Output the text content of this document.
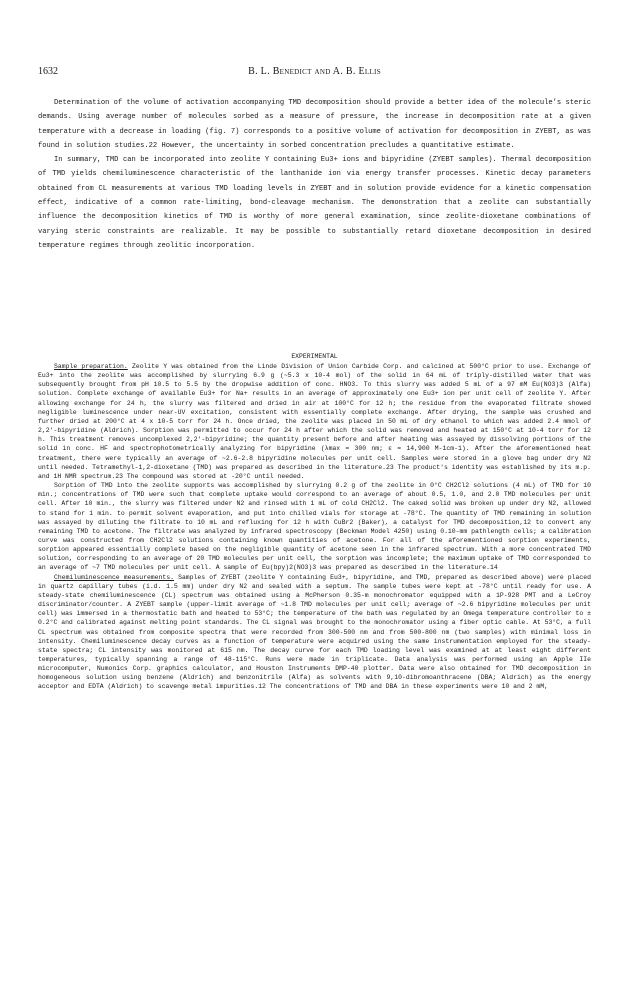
1632	B. L. Benedict and A. B. Ellis

Determination of the volume of activation accompanying TMD decomposition should provide a better idea of the molecule's steric demands. Using average number of molecules sorbed as a measure of pressure, the increase in decomposition rate at a given temperature with a decrease in loading (fig. 7) corresponds to a positive volume of activation for decomposition in ZYEBT, as was found in solution studies.22 However, the uncertainty in sorbed concentration precludes a quantitative estimate.

In summary, TMD can be incorporated into zeolite Y containing Eu3+ ions and bipyridine (ZYEBT samples). Thermal decomposition of TMD yields chemiluminescence characteristic of the lanthanide ion via energy transfer processes. Kinetic decay parameters obtained from CL measurements at various TMD loading levels in ZYEBT and in solution provide evidence for a kinetic compensation effect, indicative of a common rate-limiting, bond-cleavage mechanism. The demonstration that a zeolite can substantially influence the decomposition kinetics of TMD is worthy of more general examination, since zeolite-dioxetane combinations of varying steric constraints are realizable. It may be possible to substantially retard dioxetane decomposition in desired temperature regimes through zeolitic incorporation.

EXPERIMENTAL

Sample preparation. Zeolite Y was obtained from the Linde Division of Union Carbide Corp. and calcined at 500°C prior to use. Exchange of Eu3+ into the zeolite was accomplished by slurrying 6.9 g (~5.3 x 10-4 mol) of the solid in 64 mL of triply-distilled water that was subsequently brought from pH 10.5 to 5.5 by the dropwise addition of conc. HNO3. To this slurry was added 5 mL of a 97 mM Eu(NO3)3 (Alfa) solution. Complete exchange of available Eu3+ for Na+ results in an average of approximately one Eu3+ ion per unit cell of zeolite Y. After allowing exchange for 24 h, the slurry was filtered and dried in air at 100°C for 12 h; the residue from the evaporated filtrate showed negligible luminescence under near-UV excitation, consistent with essentially complete exchange. After drying, the sample was crushed and further dried at 200°C at 4 x 10-5 torr for 24 h. Once dried, the zeolite was placed in 50 mL of dry ethanol to which was added 2.4 mmol of 2,2'-bipyridine (Aldrich). Sorption was permitted to occur for 24 h after which the solid was removed and heated at 150°C at 10-4 torr for 12 h. This treatment removes uncomplexed 2,2'-bipyridine; the quantity present before and after heating was assayed by dissolving portions of the solid in conc. HF and spectrophotometrically analyzing for bipyridine (λmax = 300 nm; ε = 14,900 M-1cm-1). After the aforementioned heat treatment, there were typically an average of ~2.6-2.8 bipyridine molecules per unit cell. Samples were stored in a glove bag under dry N2 until needed. Tetramethyl-1,2-dioxetane (TMD) was prepared as described in the literature.23 The product's identity was established by its m.p. and 1H NMR spectrum.23 The compound was stored at -20°C until needed.

Sorption of TMD into the zeolite supports was accomplished by slurrying 0.2 g of the zeolite in 0°C CH2Cl2 solutions (4 mL) of TMD for 10 min.; concentrations of TMD were such that complete uptake would correspond to an average of about 0.5, 1.0, and 2.0 TMD molecules per unit cell. After 10 min., the slurry was filtered under N2 and rinsed with 1 mL of cold CH2Cl2. The caked solid was broken up under dry N2, allowed to stand for 1 min. to permit solvent evaporation, and put into chilled vials for storage at -78°C. The quantity of TMD remaining in solution was assayed by diluting the filtrate to 10 mL and refluxing for 12 h with CuBr2 (Baker), a catalyst for TMD decomposition,12 to convert any remaining TMD to acetone. The filtrate was analyzed by infrared spectroscopy (Beckman Model 4250) using 0.10-mm pathlength cells; a calibration curve was constructed from CH2Cl2 solutions containing known quantities of acetone. For all of the aforementioned sorption experiments, sorption appeared essentially complete based on the negligible quantity of acetone seen in the infrared spectrum. With a more concentrated TMD solution, corresponding to an average of 20 TMD molecules per unit cell, the sorption was incomplete; the maximum uptake of TMD corresponded to an average of ~7 TMD molecules per unit cell. A sample of Eu(bpy)2(NO3)3 was prepared as described in the literature.14

Chemiluminescence measurements. Samples of ZYEBT (zeolite Y containing Eu3+, bipyridine, and TMD, prepared as described above) were placed in quartz capillary tubes (i.d. 1.5 mm) under dry N2 and sealed with a septum. The sample tubes were kept at -78°C until ready for use. A steady-state chemiluminescence (CL) spectrum was obtained using a McPherson 0.35-m monochromator equipped with a 1P-928 PMT and a LeCroy discriminator/counter. A ZYEBT sample (upper-limit average of ~1.8 TMD molecules per unit cell; average of ~2.6 bipyridine molecules per unit cell) was immersed in a thermostatic bath and heated to 53°C; the temperature of the bath was regulated by an Omega temperature controller to ± 0.2°C and calibrated against melting point standards. The CL signal was brought to the monochromator using a fiber optic cable. At 53°C, a full CL spectrum was obtained from composite spectra that were recorded from 300-500 nm and from 500-800 nm (two samples) with minimal loss in intensity. Chemiluminescence decay curves as a function of temperature were acquired using the same instrumentation employed for the steady-state spectra; CL intensity was monitored at 615 nm. The decay curve for each TMD loading level was examined at at least eight different temperatures, typically spanning a range of 48-115°C. Runs were made in triplicate. Data analysis was performed using an Apple IIe microcomputer, Numonics Corp. graphics calculator, and Houston Instruments DMP-40 plotter. Data were also obtained for TMD decomposition in homogeneous solution using benzene (Aldrich) and benzonitrile (Alfa) as solvents with 9,10-dibromoanthracene (DBA; Aldrich) as the energy acceptor and EDTA (Aldrich) to scavenge metal impurities.12 The concentrations of TMD and DBA in these experiments were 10 and 2 mM,
